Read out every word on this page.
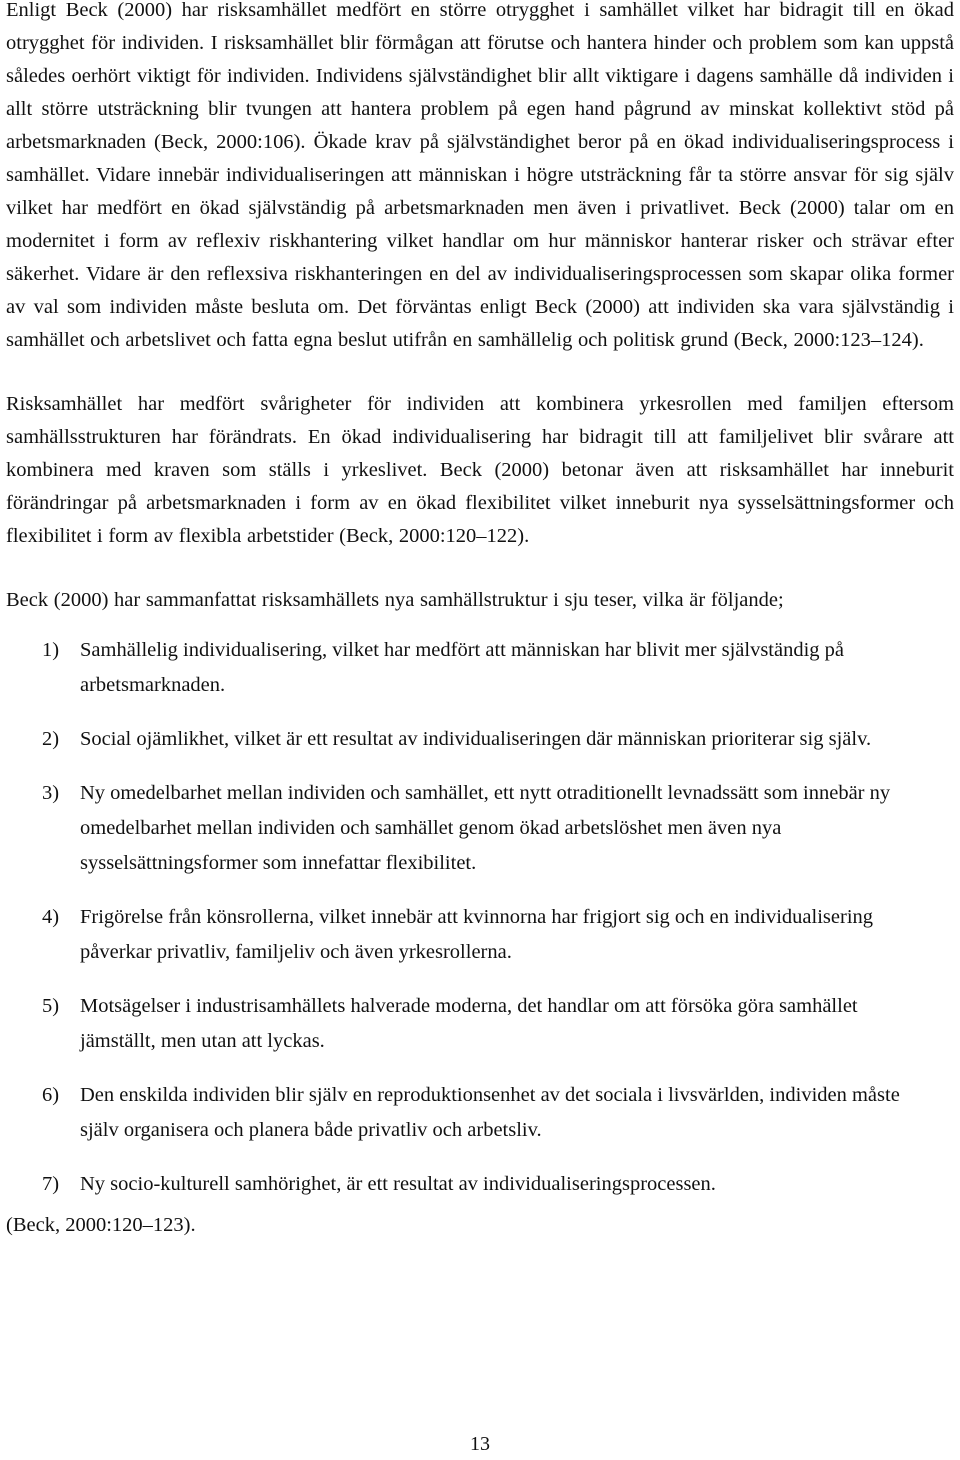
Enligt Beck (2000) har risksamhället medfört en större otrygghet i samhället vilket har bidragit till en ökad otrygghet för individen. I risksamhället blir förmågan att förutse och hantera hinder och problem som kan uppstå således oerhört viktigt för individen. Individens självständighet blir allt viktigare i dagens samhälle då individen i allt större utsträckning blir tvungen att hantera problem på egen hand pågrund av minskat kollektivt stöd på arbetsmarknaden (Beck, 2000:106). Ökade krav på självständighet beror på en ökad individualiseringsprocess i samhället. Vidare innebär individualiseringen att människan i högre utsträckning får ta större ansvar för sig själv vilket har medfört en ökad självständig på arbetsmarknaden men även i privatlivet. Beck (2000) talar om en modernitet i form av reflexiv riskhantering vilket handlar om hur människor hanterar risker och strävar efter säkerhet. Vidare är den reflexsiva riskhanteringen en del av individualiseringsprocessen som skapar olika former av val som individen måste besluta om. Det förväntas enligt Beck (2000) att individen ska vara självständig i samhället och arbetslivet och fatta egna beslut utifrån en samhällelig och politisk grund (Beck, 2000:123–124).

Risksamhället har medfört svårigheter för individen att kombinera yrkesrollen med familjen eftersom samhällsstrukturen har förändrats. En ökad individualisering har bidragit till att familjelivet blir svårare att kombinera med kraven som ställs i yrkeslivet. Beck (2000) betonar även att risksamhället har inneburit förändringar på arbetsmarknaden i form av en ökad flexibilitet vilket inneburit nya sysselsättningsformer och flexibilitet i form av flexibla arbetstider (Beck, 2000:120–122).

Beck (2000) har sammanfattat risksamhällets nya samhällstruktur i sju teser, vilka är följande;

1) Samhällelig individualisering, vilket har medfört att människan har blivit mer självständig på arbetsmarknaden.
2) Social ojämlikhet, vilket är ett resultat av individualiseringen där människan prioriterar sig själv.
3) Ny omedelbarhet mellan individen och samhället, ett nytt otraditionellt levnadssätt som innebär ny omedelbarhet mellan individen och samhället genom ökad arbetslöshet men även nya sysselsättningsformer som innefattar flexibilitet.
4) Frigörelse från könsrollerna, vilket innebär att kvinnorna har frigjort sig och en individualisering påverkar privatliv, familjeliv och även yrkesrollerna.
5) Motsägelser i industrisamhällets halverade moderna, det handlar om att försöka göra samhället jämställt, men utan att lyckas.
6) Den enskilda individen blir själv en reproduktionsenhet av det sociala i livsvärlden, individen måste själv organisera och planera både privatliv och arbetsliv.
7) Ny socio-kulturell samhörighet, är ett resultat av individualiseringsprocessen.
(Beck, 2000:120–123).
13
